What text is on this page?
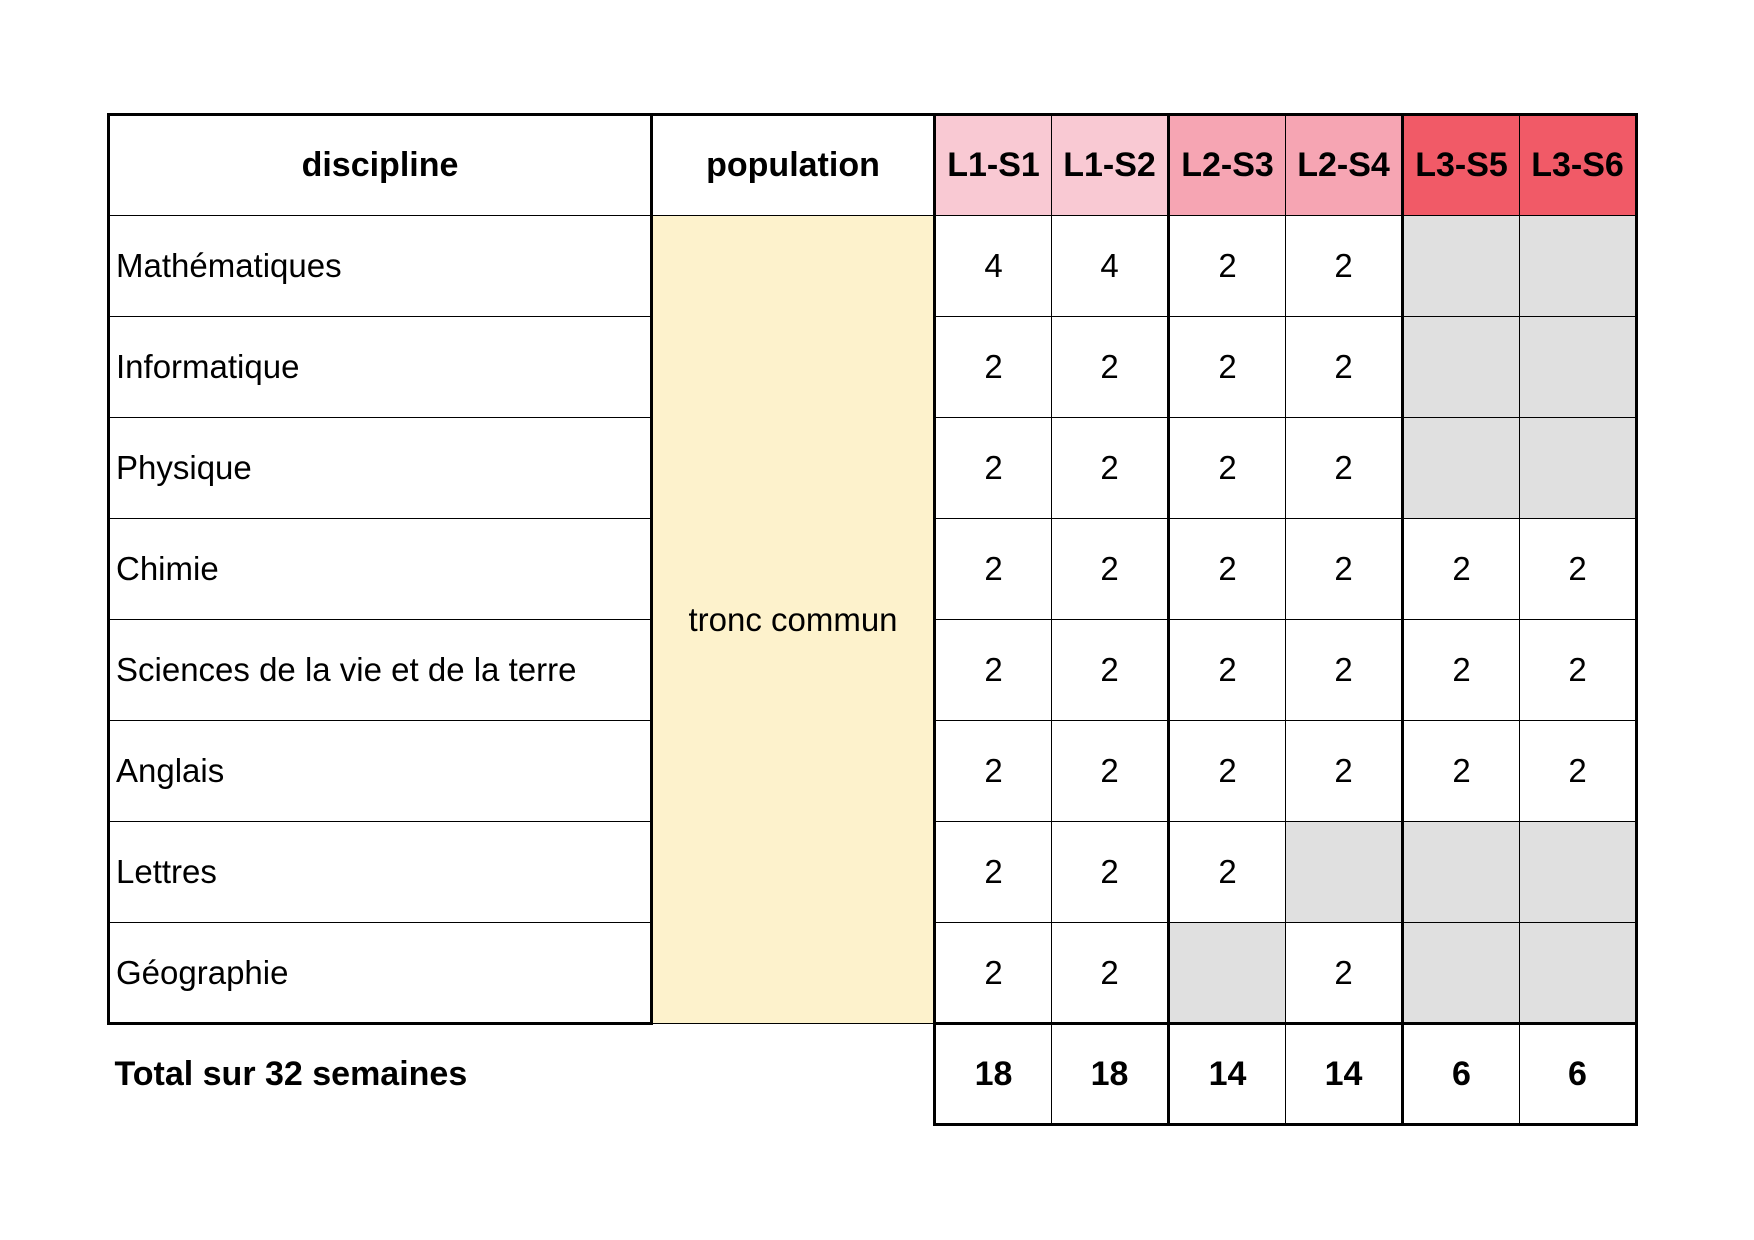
discipline	population	L1-S1	L1-S2	L2-S3	L2-S4	L3-S5	L3-S6
Mathématiques	tronc commun	4	4	2	2		
Informatique		2	2	2	2		
Physique		2	2	2	2		
Chimie		2	2	2	2	2	2
Sciences de la vie et de la terre		2	2	2	2	2	2
Anglais		2	2	2	2	2	2
Lettres		2	2	2			
Géographie		2	2		2		
Total sur 32 semaines		18	18	14	14	6	6
